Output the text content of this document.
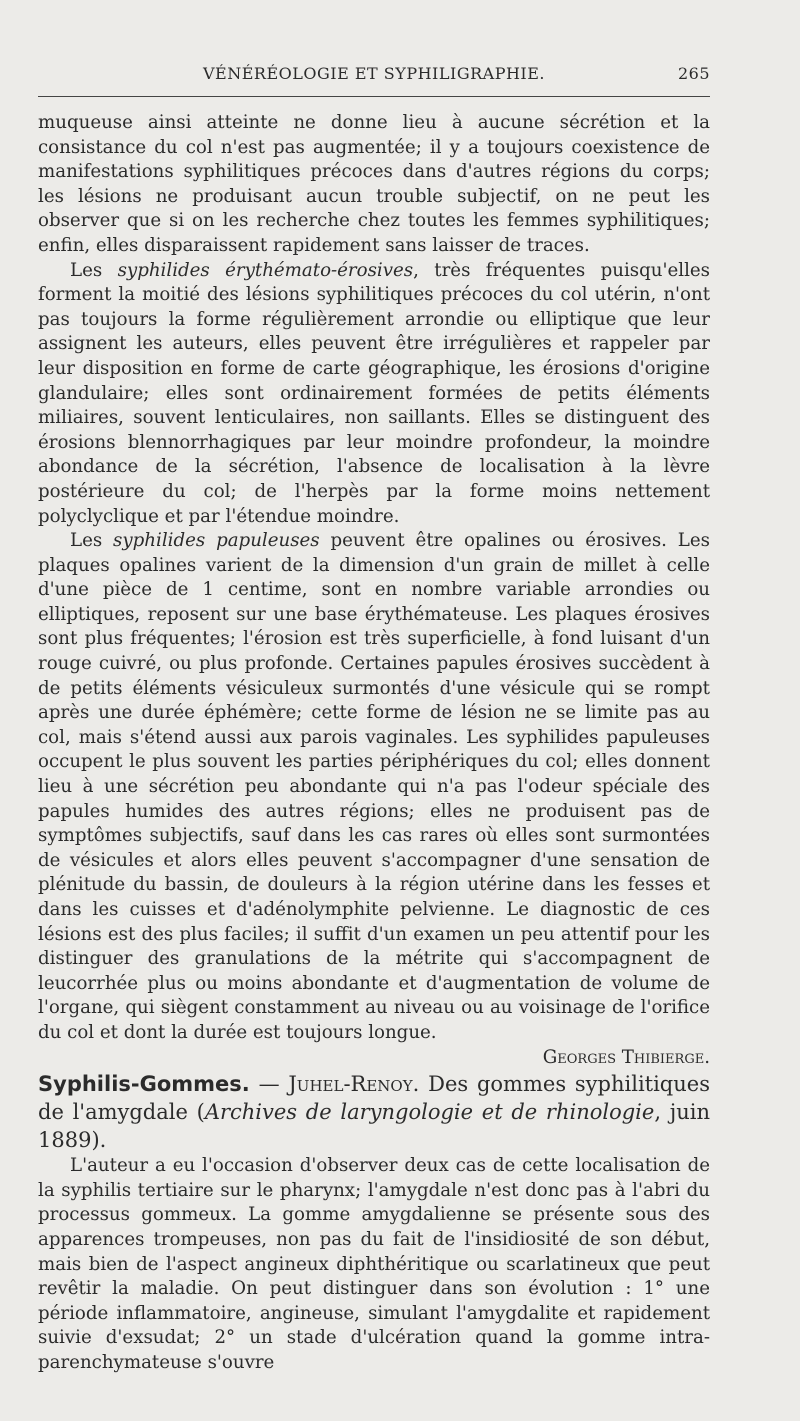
VÉNÉRÉOLOGIE ET SYPHILIGRAPHIE.	265

muqueuse ainsi atteinte ne donne lieu à aucune sécrétion et la consistance du col n'est pas augmentée; il y a toujours coexistence de manifestations syphilitiques précoces dans d'autres régions du corps; les lésions ne produisant aucun trouble subjectif, on ne peut les observer que si on les recherche chez toutes les femmes syphilitiques; enfin, elles disparaissent rapidement sans laisser de traces.

Les syphilides érythémato-érosives, très fréquentes puisqu'elles forment la moitié des lésions syphilitiques précoces du col utérin, n'ont pas toujours la forme régulièrement arrondie ou elliptique que leur assignent les auteurs, elles peuvent être irrégulières et rappeler par leur disposition en forme de carte géographique, les érosions d'origine glandulaire; elles sont ordinairement formées de petits éléments miliaires, souvent lenticulaires, non saillants. Elles se distinguent des érosions blennorrhagiques par leur moindre profondeur, la moindre abondance de la sécrétion, l'absence de localisation à la lèvre postérieure du col; de l'herpès par la forme moins nettement polyclyclique et par l'étendue moindre.

Les syphilides papuleuses peuvent être opalines ou érosives. Les plaques opalines varient de la dimension d'un grain de millet à celle d'une pièce de 1 centime, sont en nombre variable arrondies ou elliptiques, reposent sur une base érythémateuse. Les plaques érosives sont plus fréquentes; l'érosion est très superficielle, à fond luisant d'un rouge cuivré, ou plus profonde. Certaines papules érosives succèdent à de petits éléments vésiculeux surmontés d'une vésicule qui se rompt après une durée éphémère; cette forme de lésion ne se limite pas au col, mais s'étend aussi aux parois vaginales. Les syphilides papuleuses occupent le plus souvent les parties périphériques du col; elles donnent lieu à une sécrétion peu abondante qui n'a pas l'odeur spéciale des papules humides des autres régions; elles ne produisent pas de symptômes subjectifs, sauf dans les cas rares où elles sont surmontées de vésicules et alors elles peuvent s'accompagner d'une sensation de plénitude du bassin, de douleurs à la région utérine dans les fesses et dans les cuisses et d'adénolymphite pelvienne. Le diagnostic de ces lésions est des plus faciles; il suffit d'un examen un peu attentif pour les distinguer des granulations de la métrite qui s'accompagnent de leucorrhée plus ou moins abondante et d'augmentation de volume de l'organe, qui siègent constamment au niveau ou au voisinage de l'orifice du col et dont la durée est toujours longue.

Georges Thibierge.

Syphilis-Gommes. — Juhel-Renoy. Des gommes syphilitiques de l'amygdale (Archives de laryngologie et de rhinologie, juin 1889).

L'auteur a eu l'occasion d'observer deux cas de cette localisation de la syphilis tertiaire sur le pharynx; l'amygdale n'est donc pas à l'abri du processus gommeux. La gomme amygdalienne se présente sous des apparences trompeuses, non pas du fait de l'insidiosité de son début, mais bien de l'aspect angineux diphthéritique ou scarlatineux que peut revêtir la maladie. On peut distinguer dans son évolution : 1° une période inflammatoire, angineuse, simulant l'amygdalite et rapidement suivie d'exsudat; 2° un stade d'ulcération quand la gomme intra-parenchymateuse s'ouvre
